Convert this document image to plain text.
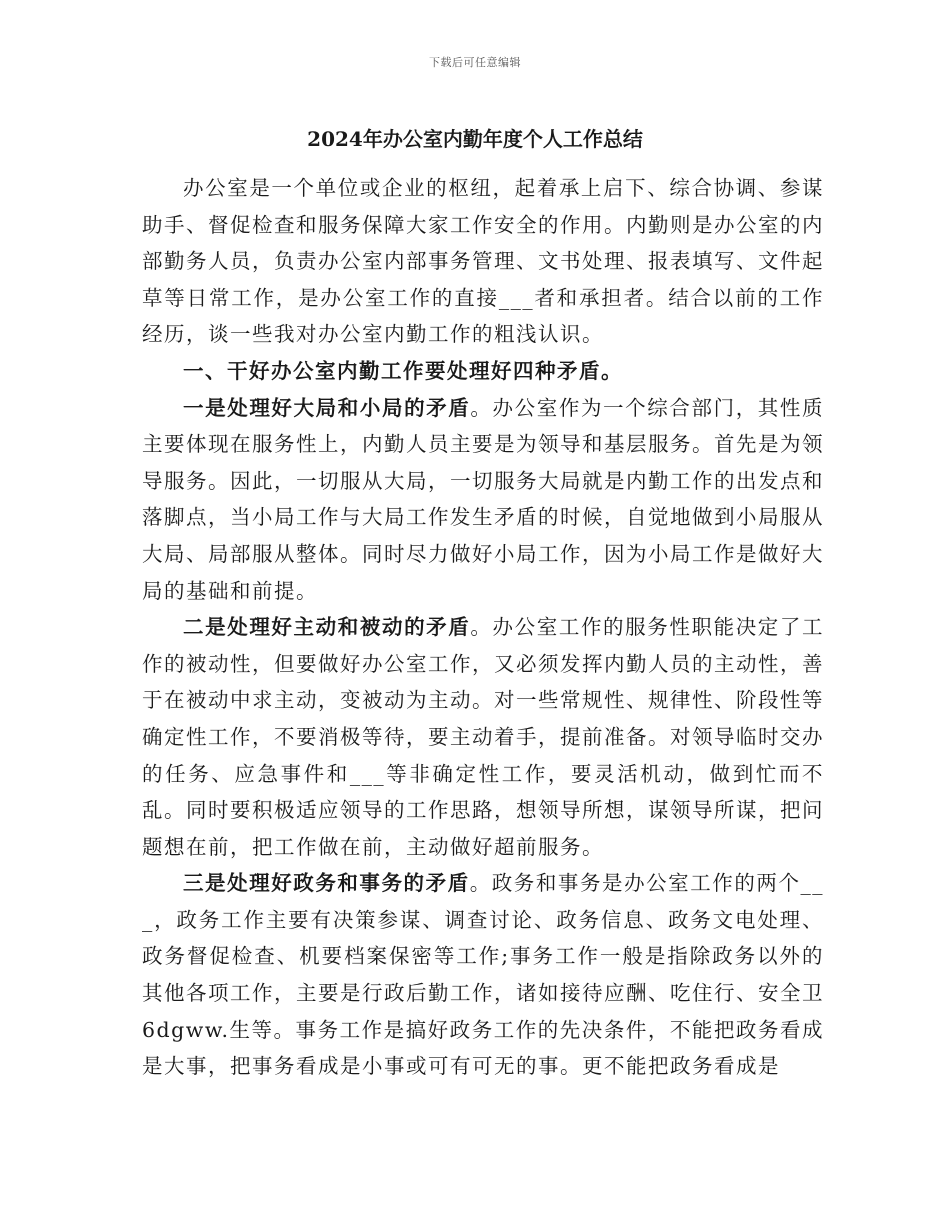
下载后可任意编辑
2024年办公室内勤年度个人工作总结

办公室是一个单位或企业的枢纽，起着承上启下、综合协调、参谋助手、督促检查和服务保障大家工作安全的作用。内勤则是办公室的内部勤务人员，负责办公室内部事务管理、文书处理、报表填写、文件起草等日常工作，是办公室工作的直接___者和承担者。结合以前的工作经历，谈一些我对办公室内勤工作的粗浅认识。

一、干好办公室内勤工作要处理好四种矛盾。

一是处理好大局和小局的矛盾。办公室作为一个综合部门，其性质主要体现在服务性上，内勤人员主要是为领导和基层服务。首先是为领导服务。因此，一切服从大局，一切服务大局就是内勤工作的出发点和落脚点，当小局工作与大局工作发生矛盾的时候，自觉地做到小局服从大局、局部服从整体。同时尽力做好小局工作，因为小局工作是做好大局的基础和前提。

二是处理好主动和被动的矛盾。办公室工作的服务性职能决定了工作的被动性，但要做好办公室工作，又必须发挥内勤人员的主动性，善于在被动中求主动，变被动为主动。对一些常规性、规律性、阶段性等确定性工作，不要消极等待，要主动着手，提前准备。对领导临时交办的任务、应急事件和___等非确定性工作，要灵活机动，做到忙而不乱。同时要积极适应领导的工作思路，想领导所想，谋领导所谋，把问题想在前，把工作做在前，主动做好超前服务。

三是处理好政务和事务的矛盾。政务和事务是办公室工作的两个___，政务工作主要有决策参谋、调查讨论、政务信息、政务文电处理、政务督促检查、机要档案保密等工作;事务工作一般是指除政务以外的其他各项工作，主要是行政后勤工作，诸如接待应酬、吃住行、安全卫6dgww.生等。事务工作是搞好政务工作的先决条件，不能把政务看成是大事，把事务看成是小事或可有可无的事。更不能把政务看成是
